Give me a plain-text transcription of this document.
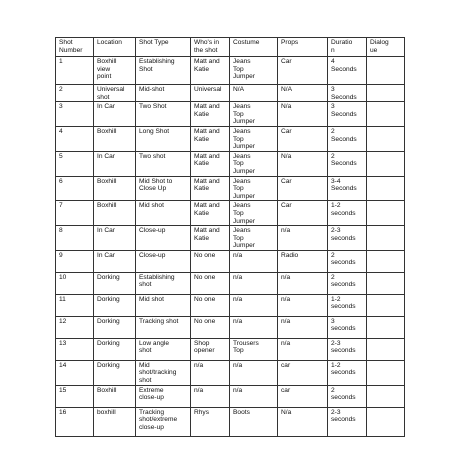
Shot
Number	Location	Shot Type	Who's in
the shot	Costume	Props	Duratio
n	Dialog
ue
1	Boxhill
view
point	Establishing
Shot	Matt and
Katie	Jeans
Top
Jumper	Car	4
Seconds	
2	Universal
shot	Mid-shot	Universal	N/A	N/A	3
Seconds	
3	In Car	Two Shot	Matt and
Katie	Jeans
Top
Jumper	N/a	3
Seconds	
4	Boxhill	Long Shot	Matt and
Katie	Jeans
Top
Jumper	Car	2
Seconds	
5	In Car	Two shot	Matt and
Katie	Jeans
Top
Jumper	N/a	2
Seconds	
6	Boxhill	Mid Shot to
Close Up	Matt and
Katie	Jeans
Top
Jumper	Car	3-4
Seconds	
7	Boxhill	Mid shot	Matt and
Katie	Jeans
Top
Jumper	Car	1-2
seconds	
8	In Car	Close-up	Matt and
Katie	Jeans
Top
Jumper	n/a	2-3
seconds	
9	In Car	Close-up	No one	n/a	Radio	2
seconds	
10	Dorking	Establishing
shot	No one	n/a	n/a	2
seconds	
11	Dorking	Mid shot	No one	n/a	n/a	1-2
seconds	
12	Dorking	Tracking shot	No one	n/a	n/a	3
seconds	
13	Dorking	Low angle
shot	Shop
opener	Trousers
Top	n/a	2-3
seconds	
14	Dorking	Mid
shot/tracking
shot	n/a	n/a	car	1-2
seconds	
15	Boxhill	Extreme
close-up	n/a	n/a	car	2
seconds	
16	boxhill	Tracking
shot/extreme
close-up	Rhys	Boots	N/a	2-3
seconds	
